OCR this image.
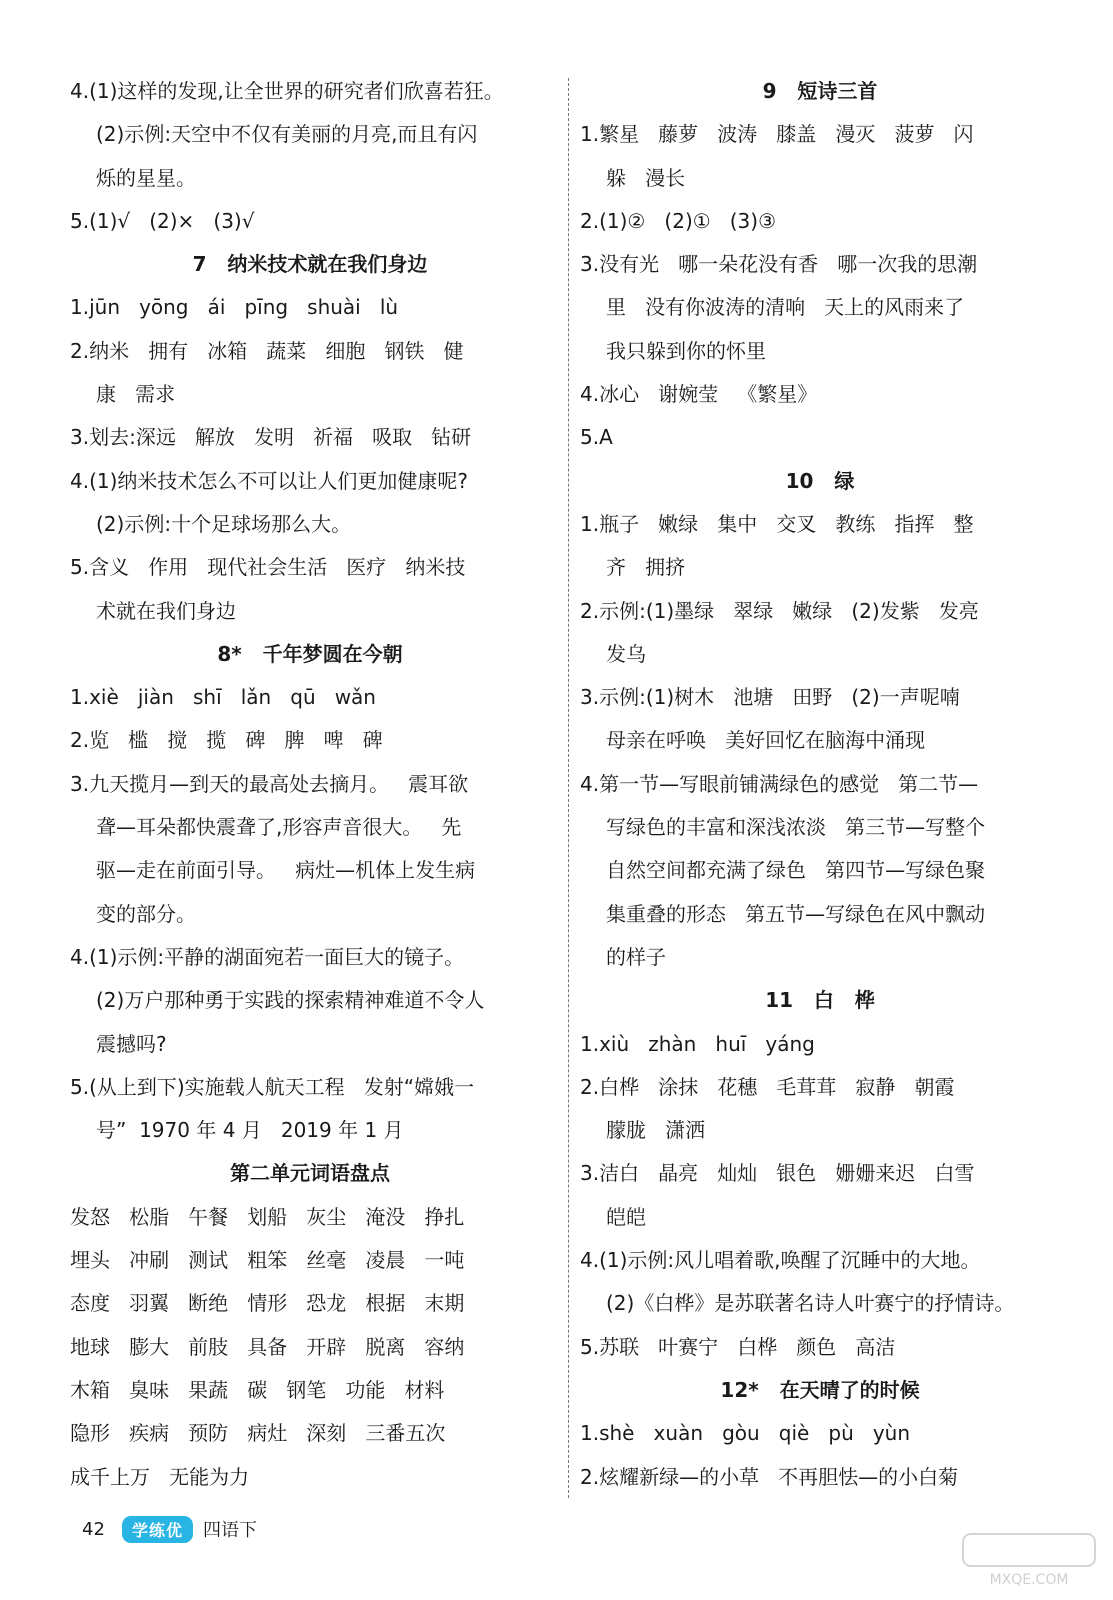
4.(1)这样的发现,让全世界的研究者们欣喜若狂。
(2)示例:天空中不仅有美丽的月亮,而且有闪
烁的星星。
5.(1)√   (2)×   (3)√
7   纳米技术就在我们身边
1.jūn   yōng   ái   pīng   shuài   lù
2.纳米   拥有   冰箱   蔬菜   细胞   钢铁   健
康   需求
3.划去:深远   解放   发明   祈福   吸取   钻研
4.(1)纳米技术怎么不可以让人们更加健康呢?
(2)示例:十个足球场那么大。
5.含义   作用   现代社会生活   医疗   纳米技
术就在我们身边
8*   千年梦圆在今朝
1.xiè   jiàn   shī   lǎn   qū   wǎn
2.览   槛   搅   揽   碑   脾   啤   碑
3.九天揽月—到天的最高处去摘月。   震耳欲
聋—耳朵都快震聋了,形容声音很大。   先
驱—走在前面引导。   病灶—机体上发生病
变的部分。
4.(1)示例:平静的湖面宛若一面巨大的镜子。
(2)万户那种勇于实践的探索精神难道不令人
震撼吗?
5.(从上到下)实施载人航天工程   发射“嫦娥一
号”  1970 年 4 月   2019 年 1 月
第二单元词语盘点
发怒   松脂   午餐   划船   灰尘   淹没   挣扎
埋头   冲刷   测试   粗笨   丝毫   凌晨   一吨
态度   羽翼   断绝   情形   恐龙   根据   末期
地球   膨大   前肢   具备   开辟   脱离   容纳
木箱   臭味   果蔬   碳   钢笔   功能   材料
隐形   疾病   预防   病灶   深刻   三番五次
成千上万   无能为力
9   短诗三首
1.繁星   藤萝   波涛   膝盖   漫灭   菠萝   闪
躲   漫长
2.(1)②   (2)①   (3)③
3.没有光   哪一朵花没有香   哪一次我的思潮
里   没有你波涛的清响   天上的风雨来了
我只躲到你的怀里
4.冰心   谢婉莹   《繁星》
5.A
10   绿
1.瓶子   嫩绿   集中   交叉   教练   指挥   整
齐   拥挤
2.示例:(1)墨绿   翠绿   嫩绿   (2)发紫   发亮
发乌
3.示例:(1)树木   池塘   田野   (2)一声呢喃
母亲在呼唤   美好回忆在脑海中涌现
4.第一节—写眼前铺满绿色的感觉   第二节—
写绿色的丰富和深浅浓淡   第三节—写整个
自然空间都充满了绿色   第四节—写绿色聚
集重叠的形态   第五节—写绿色在风中飘动
的样子
11   白   桦
1.xiù   zhàn   huī   yáng
2.白桦   涂抹   花穗   毛茸茸   寂静   朝霞
朦胧   潇洒
3.洁白   晶亮   灿灿   银色   姗姗来迟   白雪
皑皑
4.(1)示例:风儿唱着歌,唤醒了沉睡中的大地。
(2)《白桦》是苏联著名诗人叶赛宁的抒情诗。
5.苏联   叶赛宁   白桦   颜色   高洁
12*   在天晴了的时候
1.shè   xuàn   gòu   qiè   pù   yùn
2.炫耀新绿—的小草   不再胆怯—的小白菊
42	学练优	四语下
MXQE.COM
